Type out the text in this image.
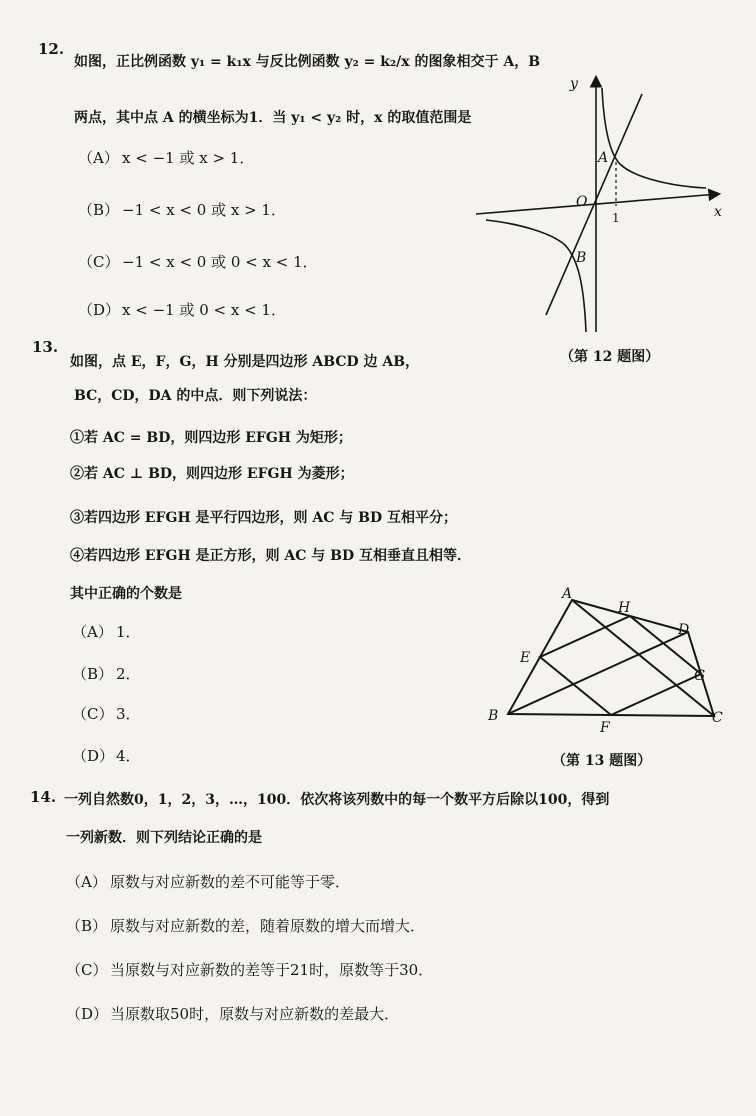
12.
如图，正比例函数 y₁ = k₁x 与反比例函数 y₂ = k₂/x 的图象相交于 A，B
两点，其中点 A 的横坐标为1．当 y₁ < y₂ 时，x 的取值范围是
（A） x < −1 或 x > 1．
（B） −1 < x < 0 或 x > 1．
（C） −1 < x < 0 或 0 < x < 1．
（D） x < −1 或 0 < x < 1．
y
x
O
A
B
1
（第 12 题图）
13.
如图，点 E，F，G，H 分别是四边形 ABCD 边 AB，
BC，CD，DA 的中点．则下列说法：
①若 AC = BD，则四边形 EFGH 为矩形；
②若 AC ⊥ BD，则四边形 EFGH 为菱形；
③若四边形 EFGH 是平行四边形，则 AC 与 BD 互相平分；
④若四边形 EFGH 是正方形，则 AC 与 BD 互相垂直且相等．
其中正确的个数是
（A） 1．
（B） 2．
（C） 3．
（D） 4．
A
H
D
E
G
B
F
C
（第 13 题图）
14. 一列自然数0，1，2，3，…，100．依次将该列数中的每一个数平方后除以100，得到
一列新数．则下列结论正确的是
（A） 原数与对应新数的差不可能等于零．
（B） 原数与对应新数的差，随着原数的增大而增大．
（C） 当原数与对应新数的差等于21时，原数等于30．
（D） 当原数取50时，原数与对应新数的差最大．
